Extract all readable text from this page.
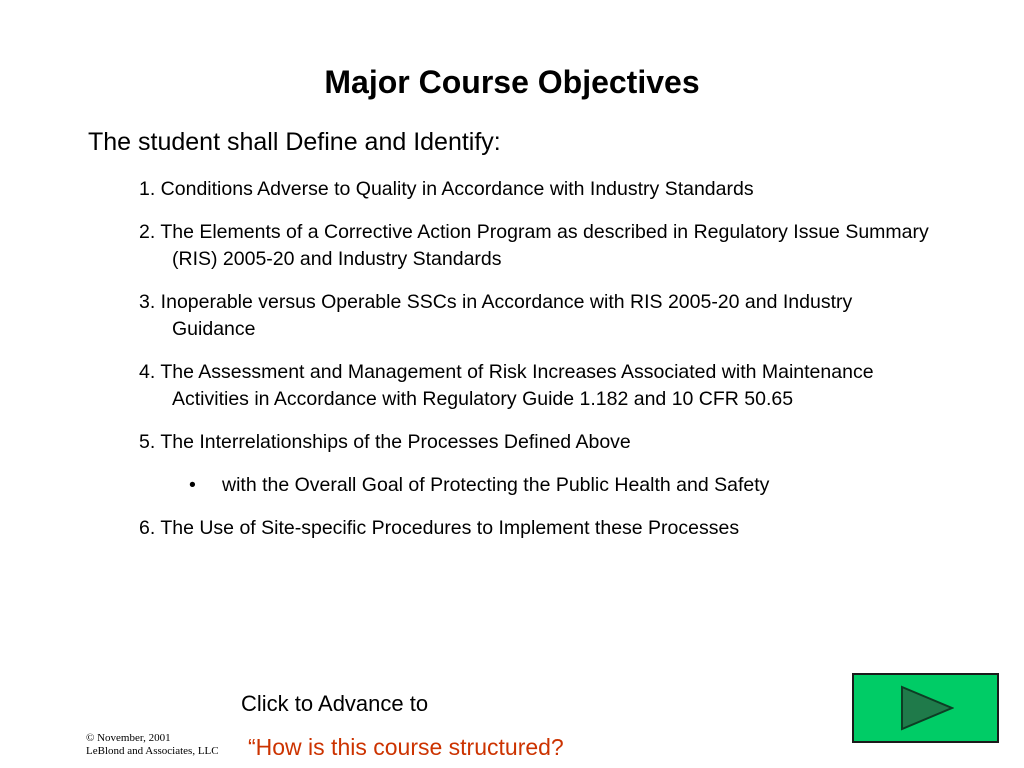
Major Course Objectives
The student shall Define and Identify:
1. Conditions Adverse to Quality in Accordance with Industry Standards
2. The Elements of a Corrective Action Program as described in Regulatory Issue Summary (RIS) 2005-20 and Industry Standards
3. Inoperable versus Operable SSCs in Accordance with RIS 2005-20 and Industry Guidance
4. The Assessment and Management of Risk Increases Associated with Maintenance Activities in Accordance with Regulatory Guide 1.182 and 10 CFR 50.65
5. The Interrelationships of the Processes Defined Above
• with the Overall Goal of Protecting the Public Health and Safety
6. The Use of Site-specific Procedures to Implement these Processes
Click to Advance to
“How is this course structured?
© November, 2001
LeBlond and Associates, LLC
